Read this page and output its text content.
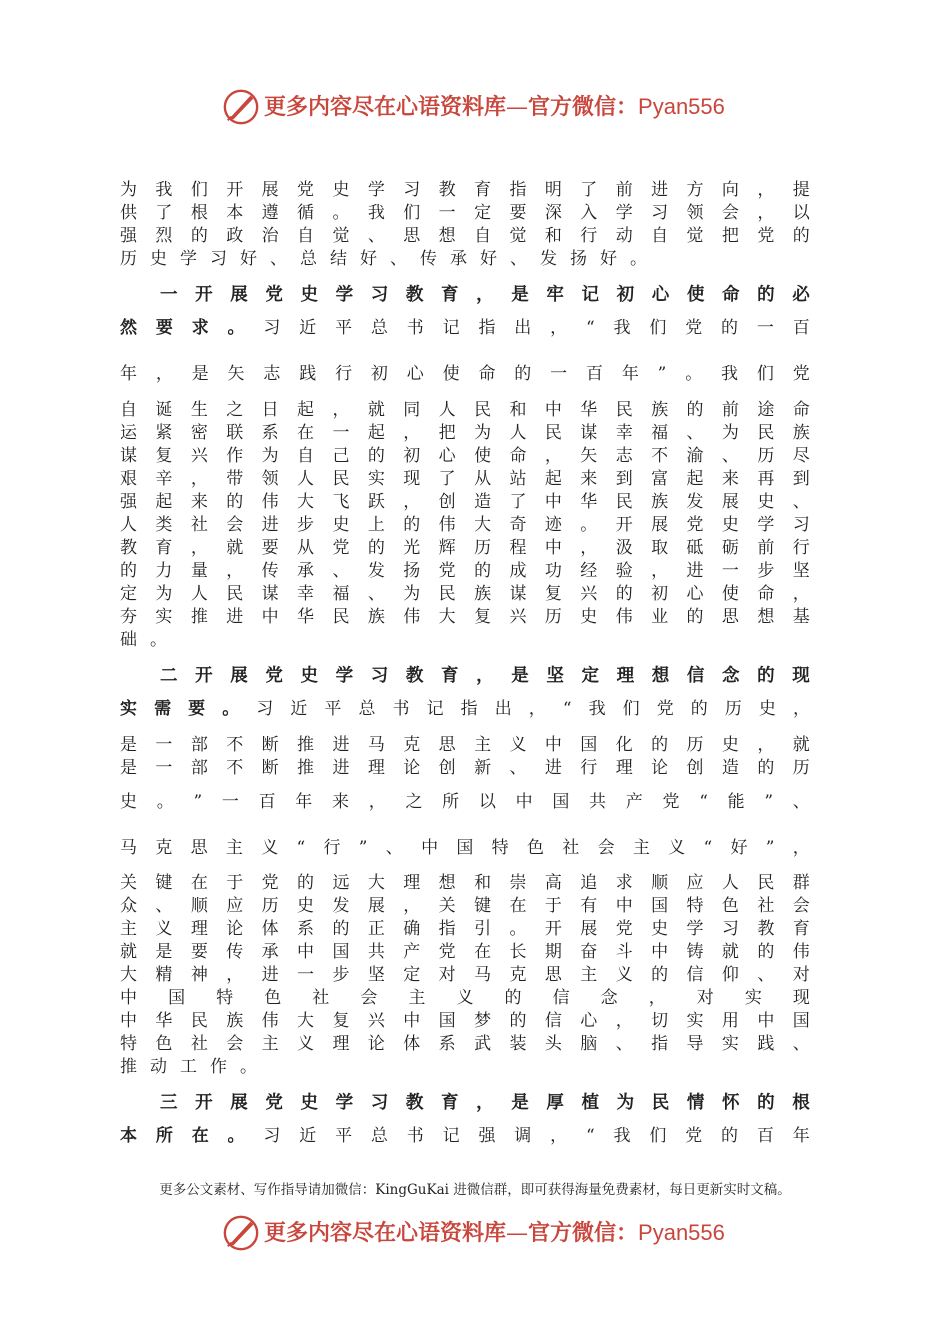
更多内容尽在心语资料库—官方微信：Pyan556
为 我 们 开 展 党 史 学 习 教 育 指 明 了 前 进 方 向 ， 提
供 了 根 本 遵 循 。 我 们 一 定 要 深 入 学 习 领 会 ， 以
强 烈 的 政 治 自 觉 、 思 想 自 觉 和 行 动 自 觉 把 党 的
历 史 学 习 好 、 总 结 好 、 传 承 好 、 发 扬 好 。
一 开 展 党 史 学 习 教 育 ， 是 牢 记 初 心 使 命 的 必
然 要 求 。 习 近 平 总 书 记 指 出 ， “ 我 们 党 的 一 百
年 ， 是 矢 志 践 行 初 心 使 命 的 一 百 年 ” 。 我 们 党
自 诞 生 之 日 起 ， 就 同 人 民 和 中 华 民 族 的 前 途 命
运 紧 密 联 系 在 一 起 ， 把 为 人 民 谋 幸 福 、 为 民 族
谋 复 兴 作 为 自 己 的 初 心 使 命 ， 矢 志 不 渝 、 历 尽
艰 辛 ， 带 领 人 民 实 现 了 从 站 起 来 到 富 起 来 再 到
强 起 来 的 伟 大 飞 跃 ， 创 造 了 中 华 民 族 发 展 史 、
人 类 社 会 进 步 史 上 的 伟 大 奇 迹 。 开 展 党 史 学 习
教 育 ， 就 要 从 党 的 光 辉 历 程 中 ， 汲 取 砥 砺 前 行
的 力 量 ， 传 承 、 发 扬 党 的 成 功 经 验 ， 进 一 步 坚
定 为 人 民 谋 幸 福 、 为 民 族 谋 复 兴 的 初 心 使 命 ，
夯 实 推 进 中 华 民 族 伟 大 复 兴 历 史 伟 业 的 思 想 基
础 。
二 开 展 党 史 学 习 教 育 ， 是 坚 定 理 想 信 念 的 现
实 需 要 。 习 近 平 总 书 记 指 出 ， “ 我 们 党 的 历 史 ，
是 一 部 不 断 推 进 马 克 思 主 义 中 国 化 的 历 史 ， 就
是 一 部 不 断 推 进 理 论 创 新 、 进 行 理 论 创 造 的 历
史 。 ” 一 百 年 来 ， 之 所 以 中 国 共 产 党 “ 能 ” 、
马 克 思 主 义 “ 行 ” 、 中 国 特 色 社 会 主 义 “ 好 ” ，
关 键 在 于 党 的 远 大 理 想 和 崇 高 追 求 顺 应 人 民 群
众 、 顺 应 历 史 发 展 ， 关 键 在 于 有 中 国 特 色 社 会
主 义 理 论 体 系 的 正 确 指 引 。 开 展 党 史 学 习 教 育
就 是 要 传 承 中 国 共 产 党 在 长 期 奋 斗 中 铸 就 的 伟
大 精 神 ， 进 一 步 坚 定 对 马 克 思 主 义 的 信 仰 、 对
中 国 特 色 社 会 主 义 的 信 念 ， 对 实 现
中 华 民 族 伟 大 复 兴 中 国 梦 的 信 心 ， 切 实 用 中 国
特 色 社 会 主 义 理 论 体 系 武 装 头 脑 、 指 导 实 践 、
推 动 工 作 。
三 开 展 党 史 学 习 教 育 ， 是 厚 植 为 民 情 怀 的 根
本 所 在 。 习 近 平 总 书 记 强 调 ， “ 我 们 党 的 百 年
更多公文素材、写作指导请加微信：KingGuKai 进微信群，即可获得海量免费素材，每日更新实时文稿。
更多内容尽在心语资料库—官方微信：Pyan556
